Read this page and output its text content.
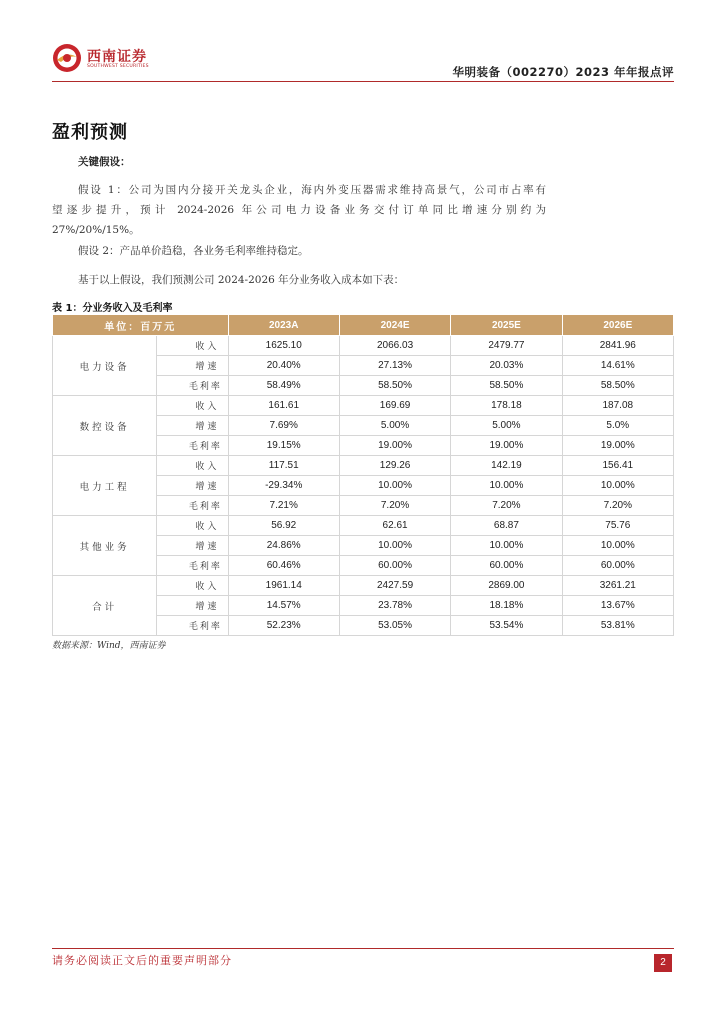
西南证券
SOUTHWEST SECURITIES	华明装备（002270）2023 年年报点评
盈利预测
关键假设：
假设 1：公司为国内分接开关龙头企业，海内外变压器需求维持高景气，公司市占率有
望逐步提升，预计 2024-2026 年公司电力设备业务交付订单同比增速分别约为
27%/20%/15%。
假设 2：产品单价趋稳，各业务毛利率维持稳定。
基于以上假设，我们预测公司 2024-2026 年分业务收入成本如下表：
表 1：分业务收入及毛利率
单位：百万元		2023A	2024E	2025E	2026E
电力设备	收入	1625.10	2066.03	2479.77	2841.96
	增速	20.40%	27.13%	20.03%	14.61%
	毛利率	58.49%	58.50%	58.50%	58.50%
数控设备	收入	161.61	169.69	178.18	187.08
	增速	7.69%	5.00%	5.00%	5.0%
	毛利率	19.15%	19.00%	19.00%	19.00%
电力工程	收入	117.51	129.26	142.19	156.41
	增速	-29.34%	10.00%	10.00%	10.00%
	毛利率	7.21%	7.20%	7.20%	7.20%
其他业务	收入	56.92	62.61	68.87	75.76
	增速	24.86%	10.00%	10.00%	10.00%
	毛利率	60.46%	60.00%	60.00%	60.00%
合计	收入	1961.14	2427.59	2869.00	3261.21
	增速	14.57%	23.78%	18.18%	13.67%
	毛利率	52.23%	53.05%	53.54%	53.81%
数据来源：Wind，西南证券
请务必阅读正文后的重要声明部分	2
